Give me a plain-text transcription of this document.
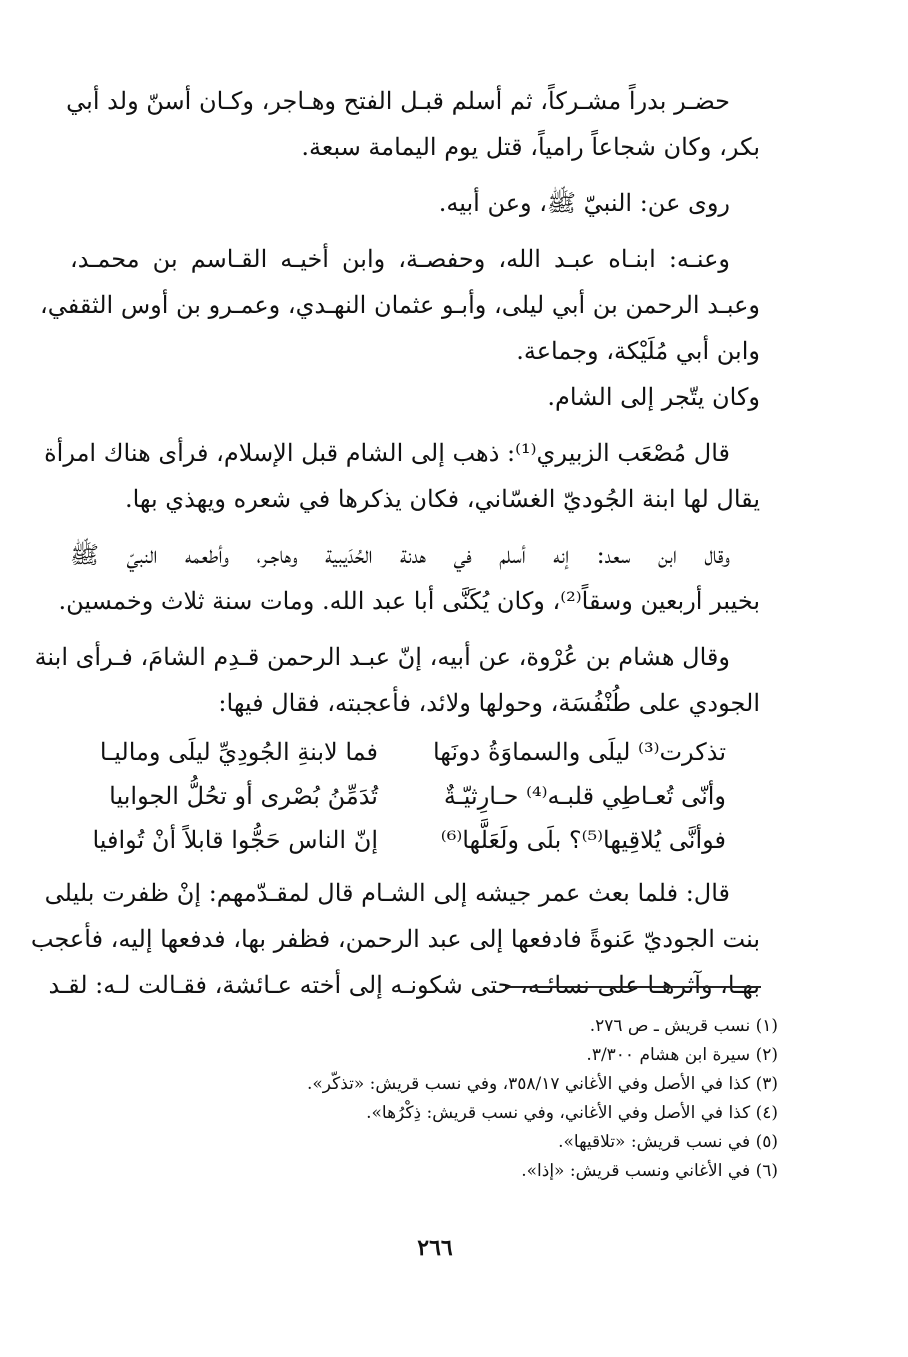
حضـر بدراً مشـركاً، ثم أسلم قبـل الفتح وهـاجر، وكـان أسنّ ولد أبي
بكر، وكان شجاعاً رامياً، قتل يوم اليمامة سبعة.
روى عن: النبيّ ﷺ، وعن أبيه.
وعنـه: ابنـاه عبـد الله، وحفصـة، وابن أخيـه القـاسم بن محمـد،
وعبـد الرحمن بن أبي ليلى، وأبـو عثمان النهـدي، وعمـرو بن أوس الثقفي،
وابن أبي مُلَيْكة، وجماعة.
وكان يتّجر إلى الشام.
قال مُصْعَب الزبيري⁽¹⁾: ذهب إلى الشام قبل الإسلام، فرأى هناك امرأة
يقال لها ابنة الجُوديّ الغسّاني، فكان يذكرها في شعره ويهذي بها.
وقال ابن سعد: إنه أسلم في هدنة الحُدَيبية وهاجـر، وأطعمه النبيّ ﷺ
بخيبر أربعين وسقاً⁽²⁾، وكان يُكَنَّى أبا عبد الله. ومات سنة ثلاث وخمسين.
وقال هشام بن عُرْوة، عن أبيه، إنّ عبـد الرحمن قـدِم الشامَ، فـرأى ابنة
الجودي على طُنْفُسَة، وحولها ولائد، فأعجبته، فقال فيها:
تذكرت⁽³⁾ ليلَى والسماوَةُ دونَها
فما لابنةِ الجُودِيِّ ليلَى وماليـا
وأنّى تُعـاطِي قلبـه⁽⁴⁾ حـارِثيّـةٌ
تُدَمِّنُ بُصْرى أو تحُلُّ الجوابيا
فوأنَّى يُلاقِيها⁽⁵⁾؟ بلَى ولَعَلَّها⁽⁶⁾
إنّ الناس حَجُّوا قابلاً أنْ تُوافيا
قال: فلما بعث عمر جيشه إلى الشـام قال لمقـدّمهم: إنْ ظفرت بليلى
بنت الجوديّ عَنوةً فادفعها إلى عبد الرحمن، فظفر بها، فدفعها إليه، فأعجب
بهـا، وآثرهـا على نسائـه، حتى شكونـه إلى أخته عـائشة، فقـالت لـه: لقـد
(١) نسب قريش ـ ص ٢٧٦.
(٢) سيرة ابن هشام ٣/٣٠٠.
(٣) كذا في الأصل وفي الأغاني ٣٥٨/١٧، وفي نسب قريش: «تذكّر».
(٤) كذا في الأصل وفي الأغاني، وفي نسب قريش: ذِكْرُها».
(٥) في نسب قريش: «تلاقيها».
(٦) في الأغاني ونسب قريش: «إذا».
٢٦٦
